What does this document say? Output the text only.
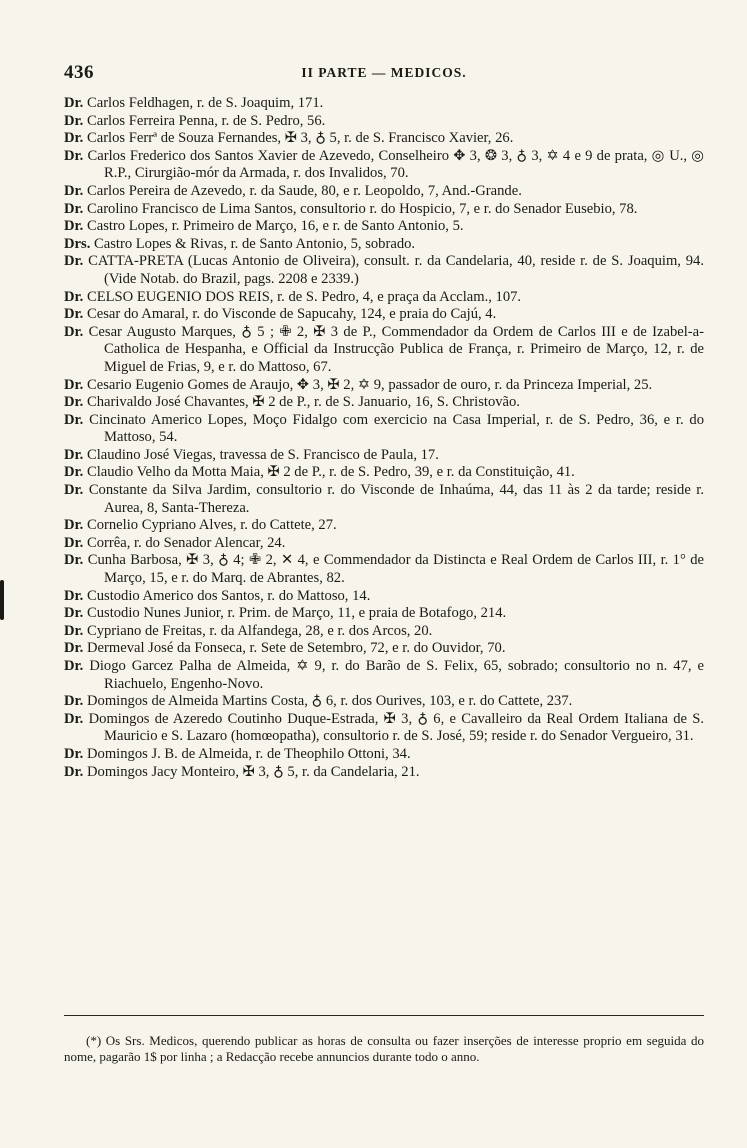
436	II PARTE — MEDICOS.

Dr. Carlos Feldhagen, r. de S. Joaquim, 171.

Dr. Carlos Ferreira Penna, r. de S. Pedro, 56.

Dr. Carlos Ferrª de Souza Fernandes, ✠ 3, ♁ 5, r. de S. Francisco Xavier, 26.

Dr. Carlos Frederico dos Santos Xavier de Azevedo, Conselheiro ✥ 3, ❂ 3, ♁ 3, ✡ 4 e 9 de prata, ◎ U., ◎ R.P., Cirurgião-mór da Armada, r. dos Invalidos, 70.

Dr. Carlos Pereira de Azevedo, r. da Saude, 80, e r. Leopoldo, 7, And.-Grande.

Dr. Carolino Francisco de Lima Santos, consultorio r. do Hospicio, 7, e r. do Senador Eusebio, 78.

Dr. Castro Lopes, r. Primeiro de Março, 16, e r. de Santo Antonio, 5.

Drs. Castro Lopes & Rivas, r. de Santo Antonio, 5, sobrado.

Dr. CATTA-PRETA (Lucas Antonio de Oliveira), consult. r. da Candelaria, 40, reside r. de S. Joaquim, 94. (Vide Notab. do Brazil, pags. 2208 e 2339.)

Dr. CELSO EUGENIO DOS REIS, r. de S. Pedro, 4, e praça da Acclam., 107.

Dr. Cesar do Amaral, r. do Visconde de Sapucahy, 124, e praia do Cajú, 4.

Dr. Cesar Augusto Marques, ♁ 5 ; ✙ 2, ✠ 3 de P., Commendador da Ordem de Carlos III e de Izabel-a-Catholica de Hespanha, e Official da Instrucção Publica de França, r. Primeiro de Março, 12, r. de Miguel de Frias, 9, e r. do Mattoso, 67.

Dr. Cesario Eugenio Gomes de Araujo, ✥ 3, ✠ 2, ✡ 9, passador de ouro, r. da Princeza Imperial, 25.

Dr. Charivaldo José Chavantes, ✠ 2 de P., r. de S. Januario, 16, S. Christovão.

Dr. Cincinato Americo Lopes, Moço Fidalgo com exercicio na Casa Imperial, r. de S. Pedro, 36, e r. do Mattoso, 54.

Dr. Claudino José Viegas, travessa de S. Francisco de Paula, 17.

Dr. Claudio Velho da Motta Maia, ✠ 2 de P., r. de S. Pedro, 39, e r. da Constituição, 41.

Dr. Constante da Silva Jardim, consultorio r. do Visconde de Inhaúma, 44, das 11 às 2 da tarde; reside r. Aurea, 8, Santa-Thereza.

Dr. Cornelio Cypriano Alves, r. do Cattete, 27.

Dr. Corrêa, r. do Senador Alencar, 24.

Dr. Cunha Barbosa, ✠ 3, ♁ 4; ✙ 2, ✕ 4, e Commendador da Distincta e Real Ordem de Carlos III, r. 1° de Março, 15, e r. do Marq. de Abrantes, 82.

Dr. Custodio Americo dos Santos, r. do Mattoso, 14.

Dr. Custodio Nunes Junior, r. Prim. de Março, 11, e praia de Botafogo, 214.

Dr. Cypriano de Freitas, r. da Alfandega, 28, e r. dos Arcos, 20.

Dr. Dermeval José da Fonseca, r. Sete de Setembro, 72, e r. do Ouvidor, 70.

Dr. Diogo Garcez Palha de Almeida, ✡ 9, r. do Barão de S. Felix, 65, sobrado; consultorio no n. 47, e Riachuelo, Engenho-Novo.

Dr. Domingos de Almeida Martins Costa, ♁ 6, r. dos Ourives, 103, e r. do Cattete, 237.

Dr. Domingos de Azeredo Coutinho Duque-Estrada, ✠ 3, ♁ 6, e Cavalleiro da Real Ordem Italiana de S. Mauricio e S. Lazaro (homœopatha), consultorio r. de S. José, 59; reside r. do Senador Vergueiro, 31.

Dr. Domingos J. B. de Almeida, r. de Theophilo Ottoni, 34.

Dr. Domingos Jacy Monteiro, ✠ 3, ♁ 5, r. da Candelaria, 21.

(*) Os Srs. Medicos, querendo publicar as horas de consulta ou fazer inserções de interesse proprio em seguida do nome, pagarão 1$ por linha ; a Redacção recebe annuncios durante todo o anno.
